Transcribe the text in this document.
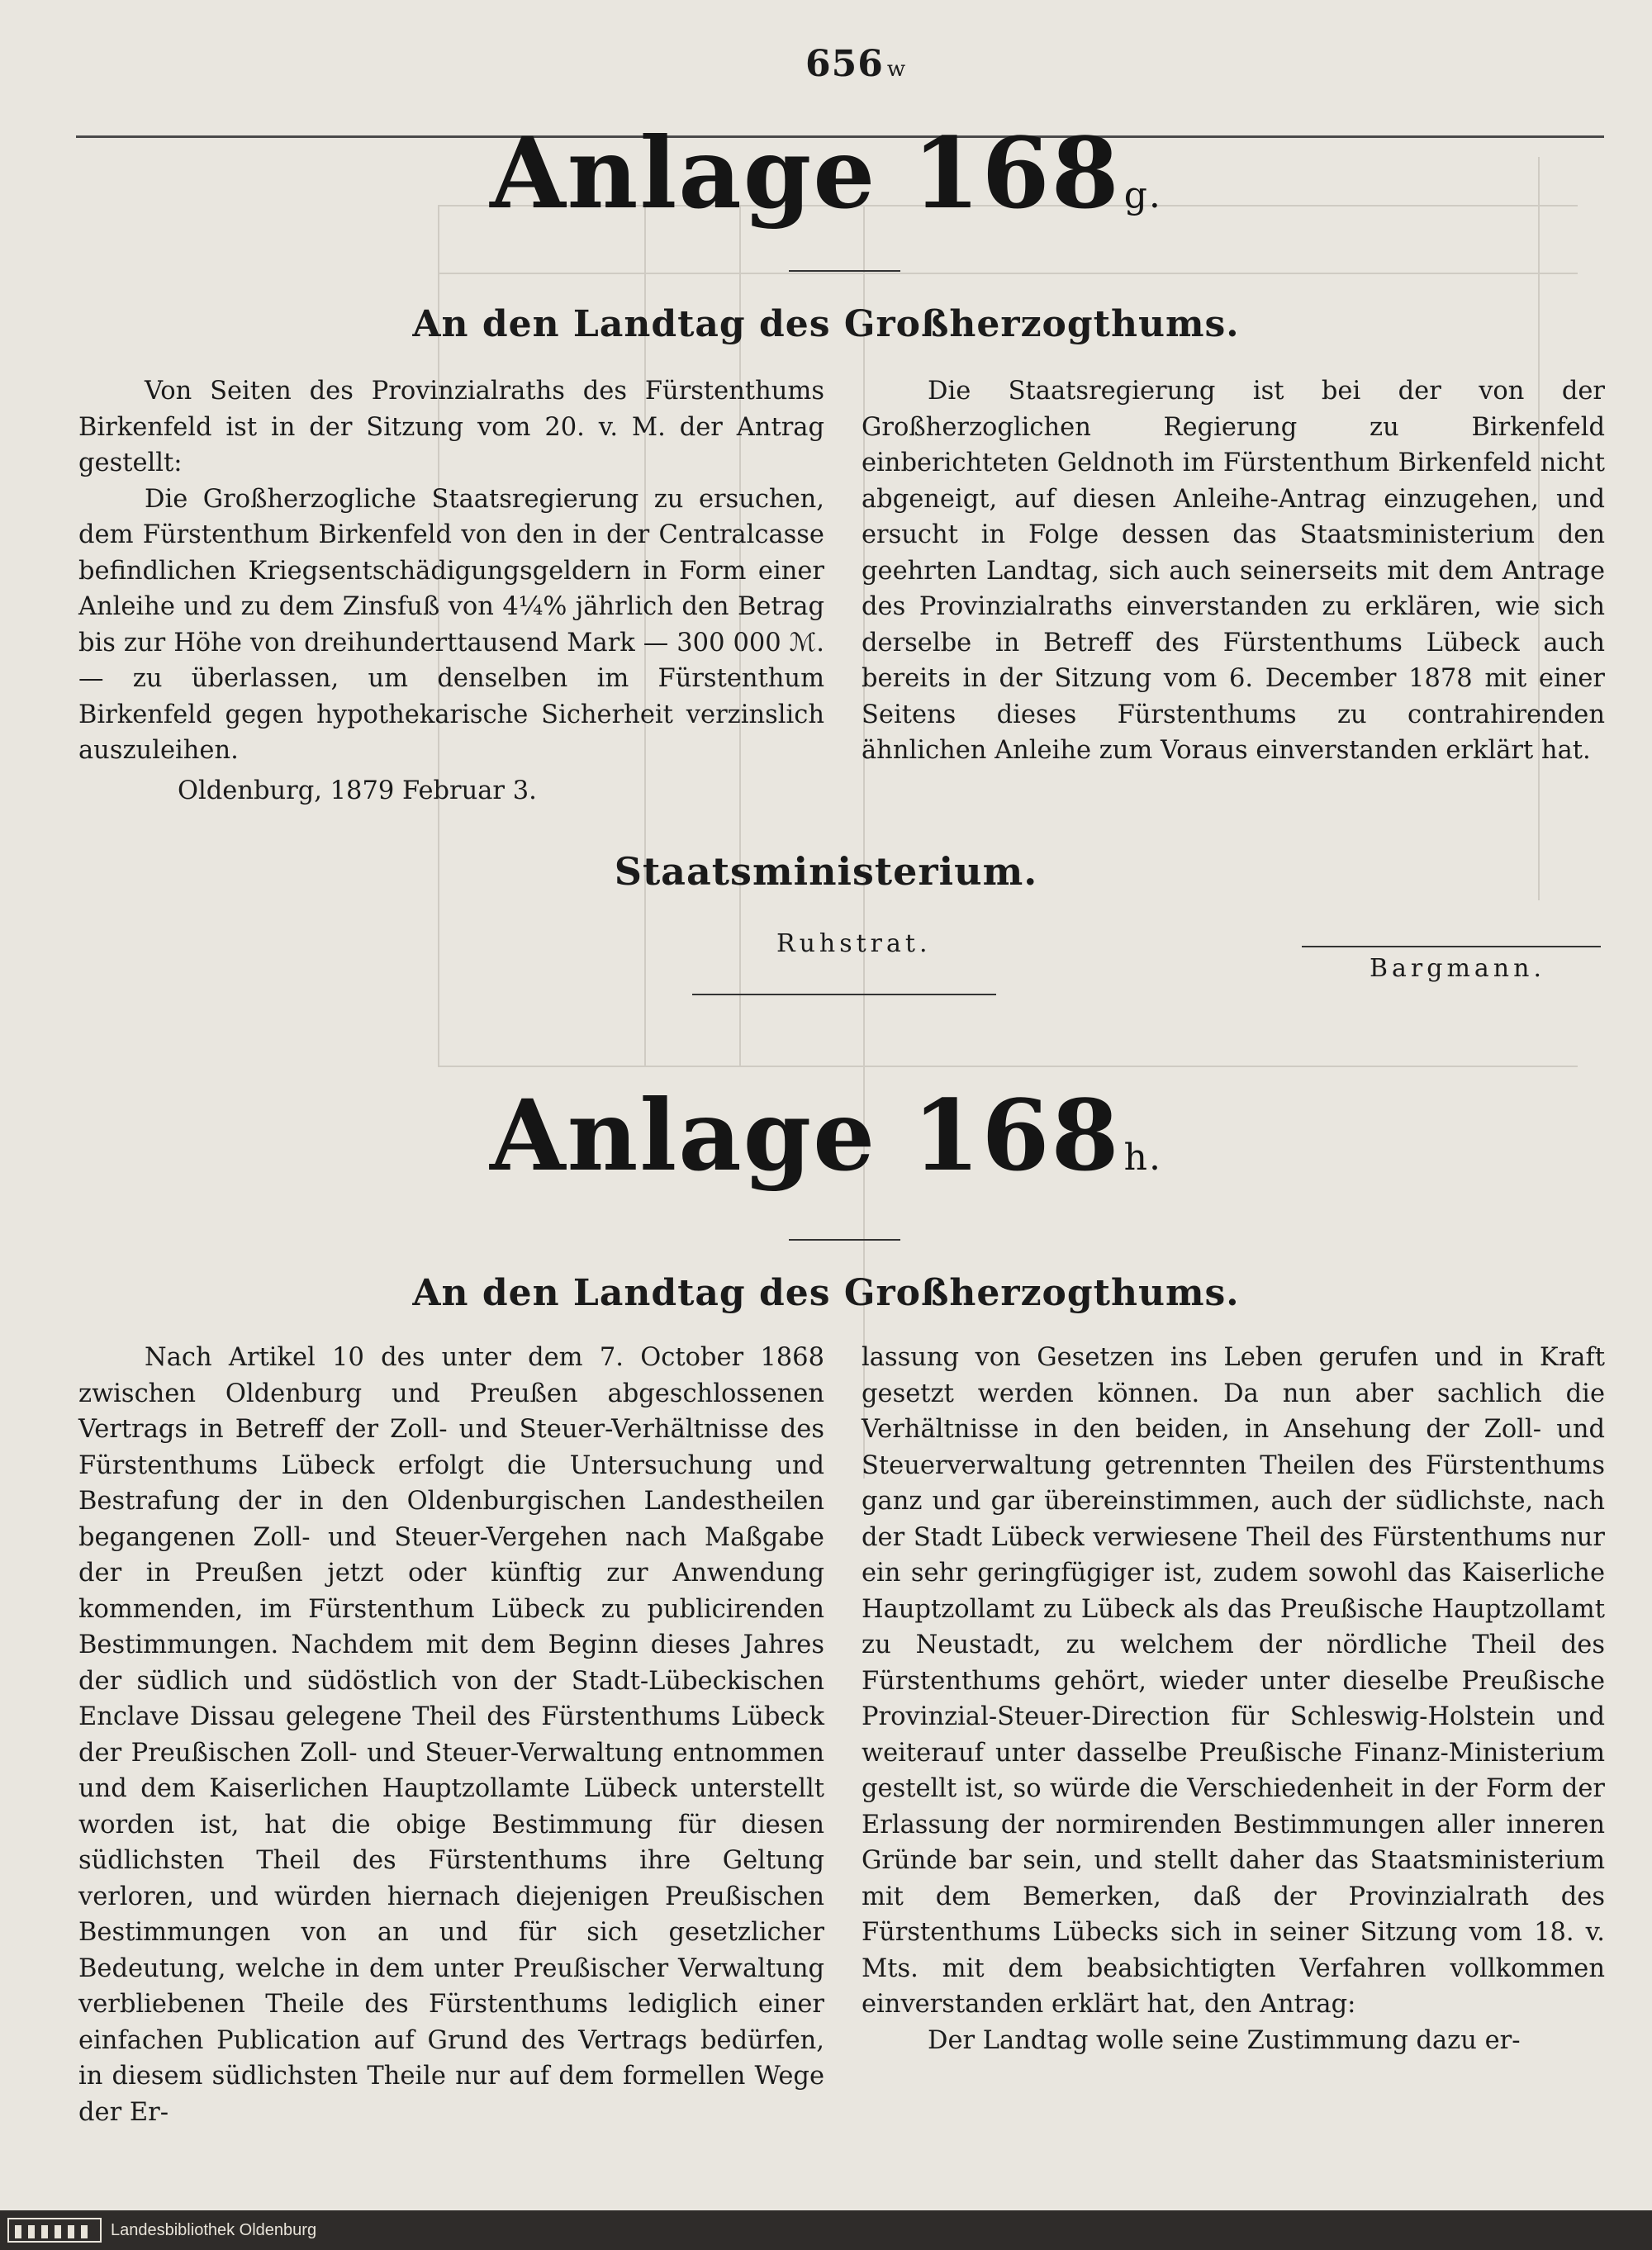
656 w
Anlage 168g.
An den Landtag des Großherzogthums.

Von Seiten des Provinzialraths des Fürstenthums Birkenfeld ist in der Sitzung vom 20. v. M. der Antrag gestellt:

Die Großherzogliche Staatsregierung zu ersuchen, dem Fürstenthum Birkenfeld von den in der Centralcasse befindlichen Kriegsentschädigungsgeldern in Form einer Anleihe und zu dem Zinsfuß von 4¼% jährlich den Betrag bis zur Höhe von dreihunderttausend Mark — 300 000 ℳ. — zu überlassen, um denselben im Fürstenthum Birkenfeld gegen hypothekarische Sicherheit verzinslich auszuleihen.

Die Staatsregierung ist bei der von der Großherzoglichen Regierung zu Birkenfeld einberichteten Geldnoth im Fürstenthum Birkenfeld nicht abgeneigt, auf diesen Anleihe-Antrag einzugehen, und ersucht in Folge dessen das Staatsministerium den geehrten Landtag, sich auch seinerseits mit dem Antrage des Provinzialraths einverstanden zu erklären, wie sich derselbe in Betreff des Fürstenthums Lübeck auch bereits in der Sitzung vom 6. December 1878 mit einer Seitens dieses Fürstenthums zu contrahirenden ähnlichen Anleihe zum Voraus einverstanden erklärt hat.

Oldenburg, 1879 Februar 3.
Staatsministerium.
Ruhstrat.
Bargmann.
Anlage 168h.
An den Landtag des Großherzogthums.

Nach Artikel 10 des unter dem 7. October 1868 zwischen Oldenburg und Preußen abgeschlossenen Vertrags in Betreff der Zoll- und Steuer-Verhältnisse des Fürstenthums Lübeck erfolgt die Untersuchung und Bestrafung der in den Oldenburgischen Landestheilen begangenen Zoll- und Steuer-Vergehen nach Maßgabe der in Preußen jetzt oder künftig zur Anwendung kommenden, im Fürstenthum Lübeck zu publicirenden Bestimmungen. Nachdem mit dem Beginn dieses Jahres der südlich und südöstlich von der Stadt-Lübeckischen Enclave Dissau gelegene Theil des Fürstenthums Lübeck der Preußischen Zoll- und Steuer-Verwaltung entnommen und dem Kaiserlichen Hauptzollamte Lübeck unterstellt worden ist, hat die obige Bestimmung für diesen südlichsten Theil des Fürstenthums ihre Geltung verloren, und würden hiernach diejenigen Preußischen Bestimmungen von an und für sich gesetzlicher Bedeutung, welche in dem unter Preußischer Verwaltung verbliebenen Theile des Fürstenthums lediglich einer einfachen Publication auf Grund des Vertrags bedürfen, in diesem südlichsten Theile nur auf dem formellen Wege der Er-

lassung von Gesetzen ins Leben gerufen und in Kraft gesetzt werden können. Da nun aber sachlich die Verhältnisse in den beiden, in Ansehung der Zoll- und Steuerverwaltung getrennten Theilen des Fürstenthums ganz und gar übereinstimmen, auch der südlichste, nach der Stadt Lübeck verwiesene Theil des Fürstenthums nur ein sehr geringfügiger ist, zudem sowohl das Kaiserliche Hauptzollamt zu Lübeck als das Preußische Hauptzollamt zu Neustadt, zu welchem der nördliche Theil des Fürstenthums gehört, wieder unter dieselbe Preußische Provinzial-Steuer-Direction für Schleswig-Holstein und weiterauf unter dasselbe Preußische Finanz-Ministerium gestellt ist, so würde die Verschiedenheit in der Form der Erlassung der normirenden Bestimmungen aller inneren Gründe bar sein, und stellt daher das Staatsministerium mit dem Bemerken, daß der Provinzialrath des Fürstenthums Lübecks sich in seiner Sitzung vom 18. v. Mts. mit dem beabsichtigten Verfahren vollkommen einverstanden erklärt hat, den Antrag:

Der Landtag wolle seine Zustimmung dazu er-

Landesbibliothek Oldenburg
